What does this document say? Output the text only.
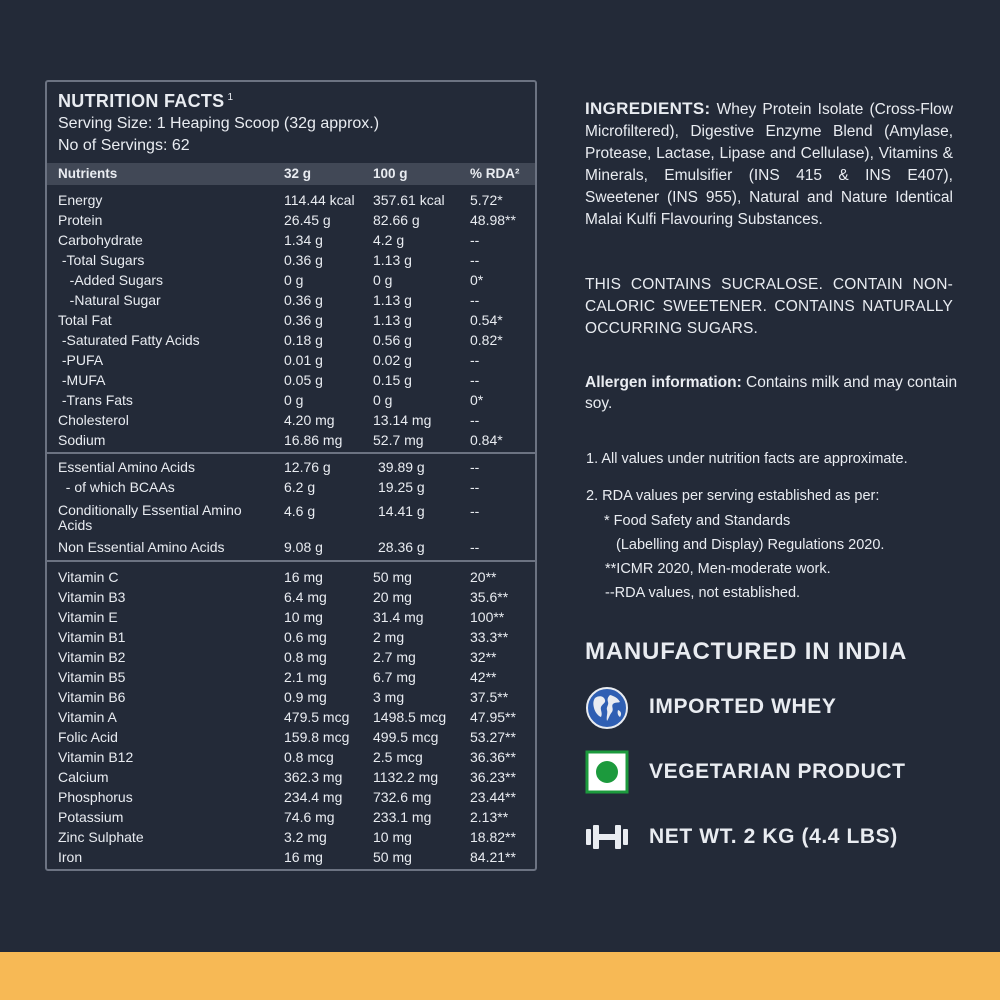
NUTRITION FACTS $^1$
Serving Size: 1 Heaping Scoop (32g approx.)
No of Servings: 62
Nutrients	32 g	100 g	% RDA²
Energy	114.44 kcal 357.61 kcal 5.72*
Protein	26.45 g	82.66 g	48.98**
Carbohydrate	1.34 g	4.2 g	--
-Total Sugars	0.36 g	1.13 g	--
-Added Sugars	0 g	0 g	0*
-Natural Sugar	0.36 g	1.13 g	--
Total Fat	0.36 g	1.13 g	0.54*
-Saturated Fatty Acids	0.18 g	0.56 g	0.82*
-PUFA	0.01 g	0.02 g	--
-MUFA	0.05 g	0.15 g	--
-Trans Fats	0 g	0 g	0*
Cholesterol	4.20 mg	13.14 mg	--
Sodium	16.86 mg 52.7 mg	0.84*
Essential Amino Acids	12.76 g	39.89 g	--
- of which BCAAs	6.2 g	19.25 g	--
Conditionally Essential Amino Acids
4.6 g	14.41 g	--
Non Essential Amino Acids	9.08 g	28.36 g	--
Vitamin C	16 mg	50 mg	20**
Vitamin B3	6.4 mg	20 mg	35.6**
Vitamin E	10 mg	31.4 mg	100**
Vitamin B1	0.6 mg	2 mg	33.3**
Vitamin B2	0.8 mg	2.7 mg	32**
Vitamin B5	2.1 mg	6.7 mg	42**
Vitamin B6	0.9 mg	3 mg	37.5**
Vitamin A	479.5 mcg 1498.5 mcg 47.95**
Folic Acid	159.8 mcg 499.5 mcg 53.27**
Vitamin B12	0.8 mcg	2.5 mcg	36.36**
Calcium	362.3 mg 1132.2 mg 36.23**
Phosphorus	234.4 mg 732.6 mg	23.44**
Potassium	74.6 mg	233.1 mg	2.13**
Zinc Sulphate	3.2 mg	10 mg	18.82**
Iron	16 mg	50 mg	84.21**
INGREDIENTS: Whey Protein Isolate (Cross-Flow Microfiltered), Digestive Enzyme Blend (Amylase, Protease, Lactase, Lipase and Cellulase), Vitamins & Minerals, Emulsifier (INS 415 & INS E407), Sweetener (INS 955), Natural and Nature Identical Malai Kulfi Flavouring Substances.
THIS CONTAINS SUCRALOSE. CONTAIN NON-CALORIC SWEETENER. CONTAINS NATURALLY OCCURRING SUGARS.
Allergen information: Contains milk and may contain soy.
1. All values under nutrition facts are approximate.
2. RDA values per serving established as per:
* Food Safety and Standards
(Labelling and Display) Regulations 2020.
**ICMR 2020, Men-moderate work.
--RDA values, not established.
MANUFACTURED IN INDIA
IMPORTED WHEY
VEGETARIAN PRODUCT
NET WT. 2 KG (4.4 LBS)
